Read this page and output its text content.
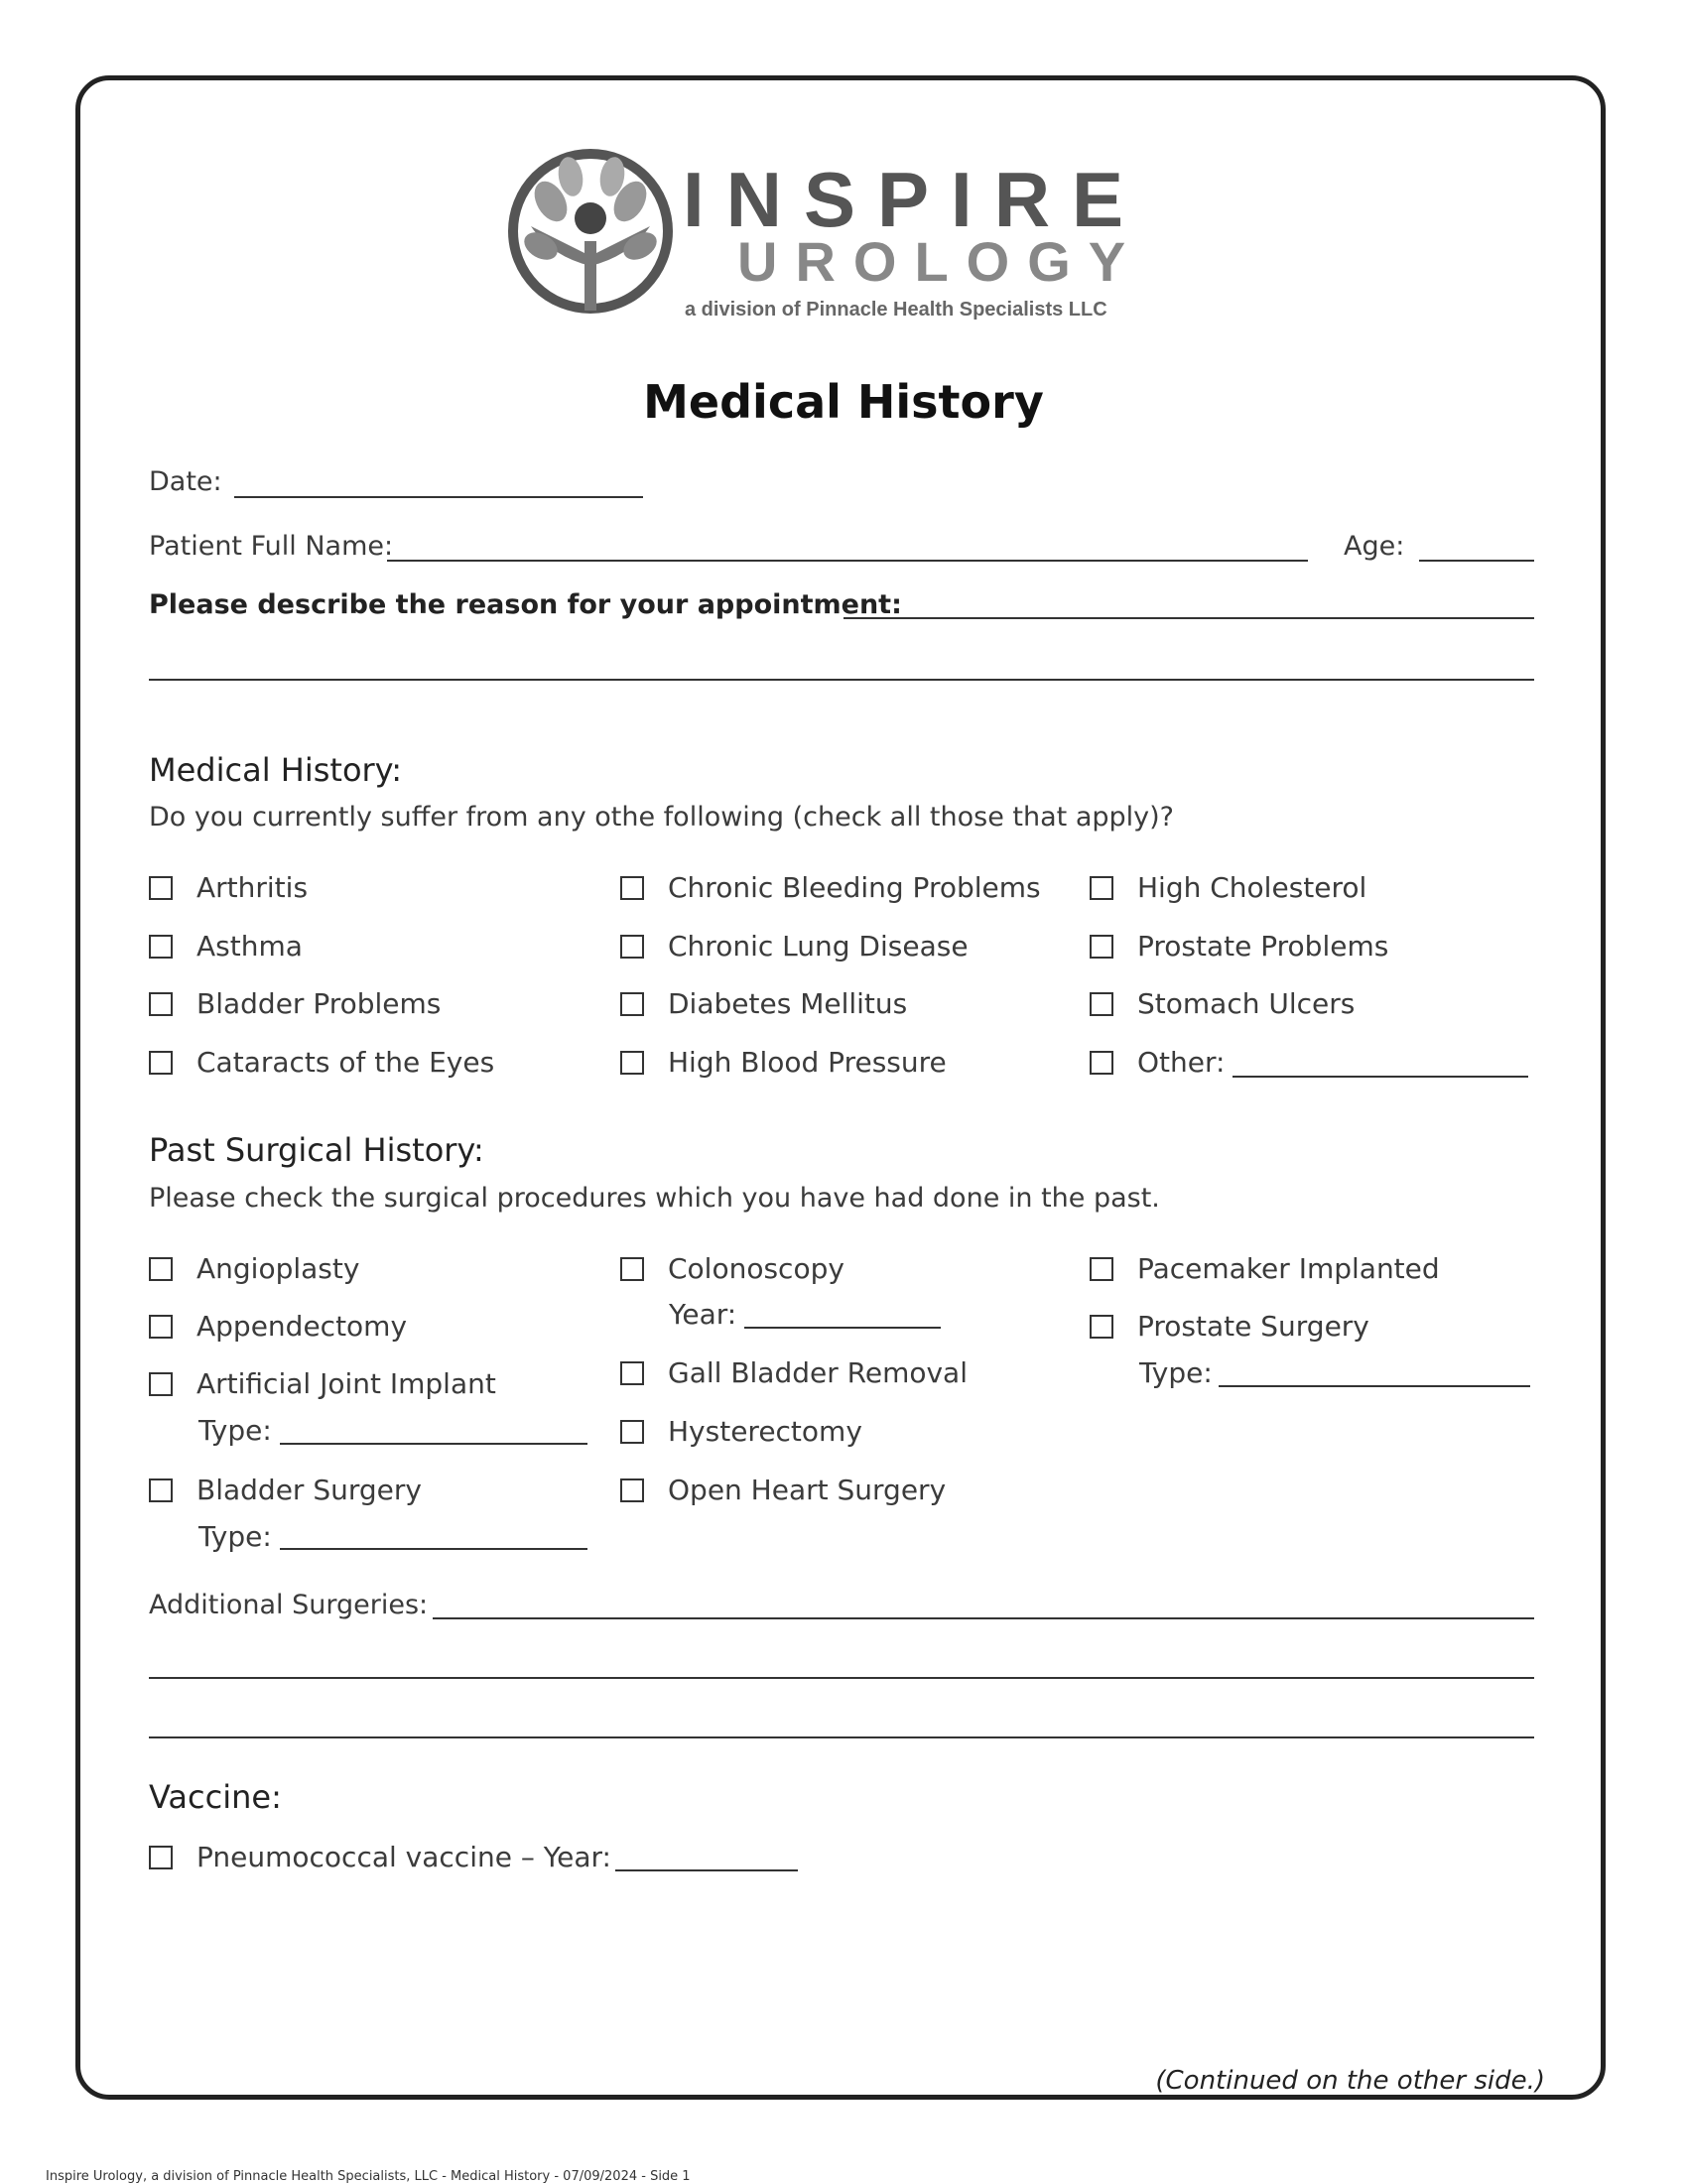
INSPIRE
UROLOGY
a division of Pinnacle Health Specialists LLC
Medical History
Date:
Patient Full Name:	Age:
Please describe the reason for your appointment:
Medical History:
Do you currently suffer from any othe following (check all those that apply)?
Arthritis
Asthma
Bladder Problems
Cataracts of the Eyes
Chronic Bleeding Problems
Chronic Lung Disease
Diabetes Mellitus
High Blood Pressure
High Cholesterol
Prostate Problems
Stomach Ulcers
Other:
Past Surgical History:
Please check the surgical procedures which you have had done in the past.
Angioplasty
Appendectomy
Artificial Joint Implant
Type:
Bladder Surgery
Type:
Colonoscopy
Year:
Gall Bladder Removal
Hysterectomy
Open Heart Surgery
Pacemaker Implanted
Prostate Surgery
Type:
Additional Surgeries:
Vaccine:
Pneumococcal vaccine – Year:
(Continued on the other side.)
Inspire Urology, a division of Pinnacle Health Specialists, LLC - Medical History - 07/09/2024 - Side 1
